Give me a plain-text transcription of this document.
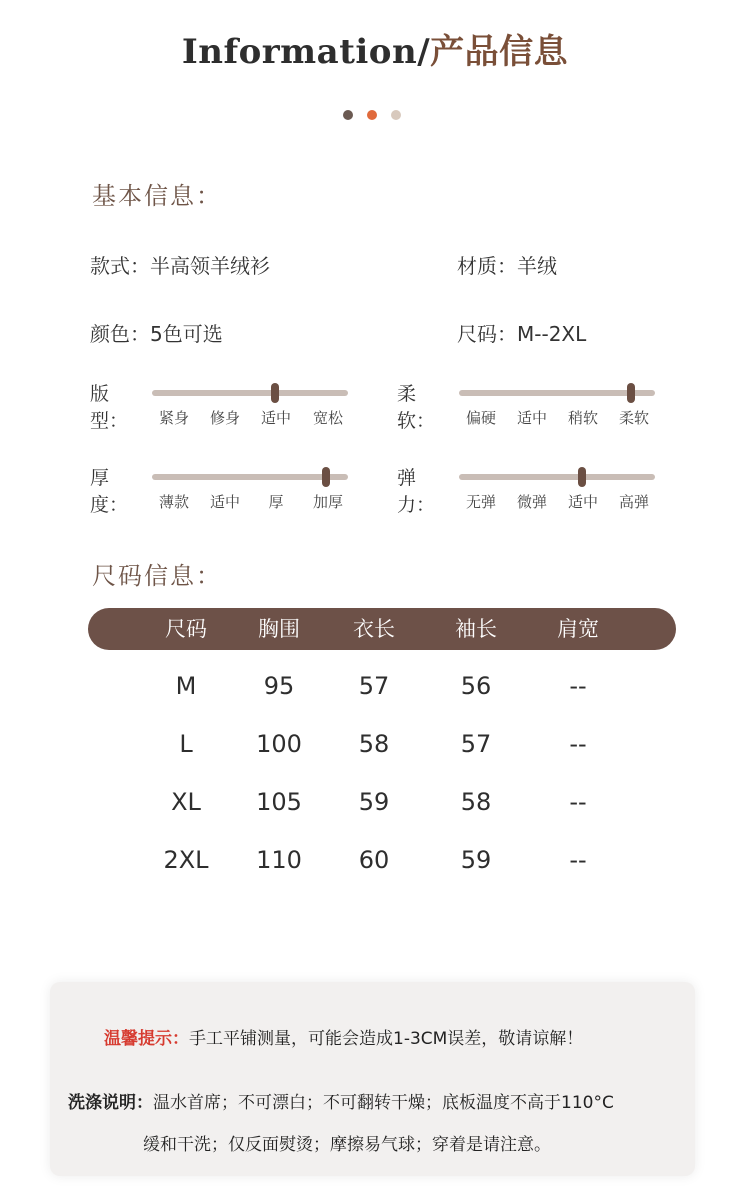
Information/产品信息
基本信息：
款式：半高领羊绒衫	材质：羊绒
颜色：5色可选	尺码：M--2XL
版型：	紧身	修身	适中	宽松
柔软：	偏硬	适中	稍软	柔软
厚度：	薄款	适中	厚	加厚
弹力：	无弹	微弹	适中	高弹
尺码信息：
尺码	胸围	衣长	袖长	肩宽
M	95	57	56	--
L	100	58	57	--
XL	105	59	58	--
2XL	110	60	59	--
温馨提示：手工平铺测量，可能会造成1-3CM误差，敬请谅解！
洗涤说明：温水首席；不可漂白；不可翻转干燥；底板温度不高于110°C
缓和干洗；仅反面熨烫；摩擦易气球；穿着是请注意。
